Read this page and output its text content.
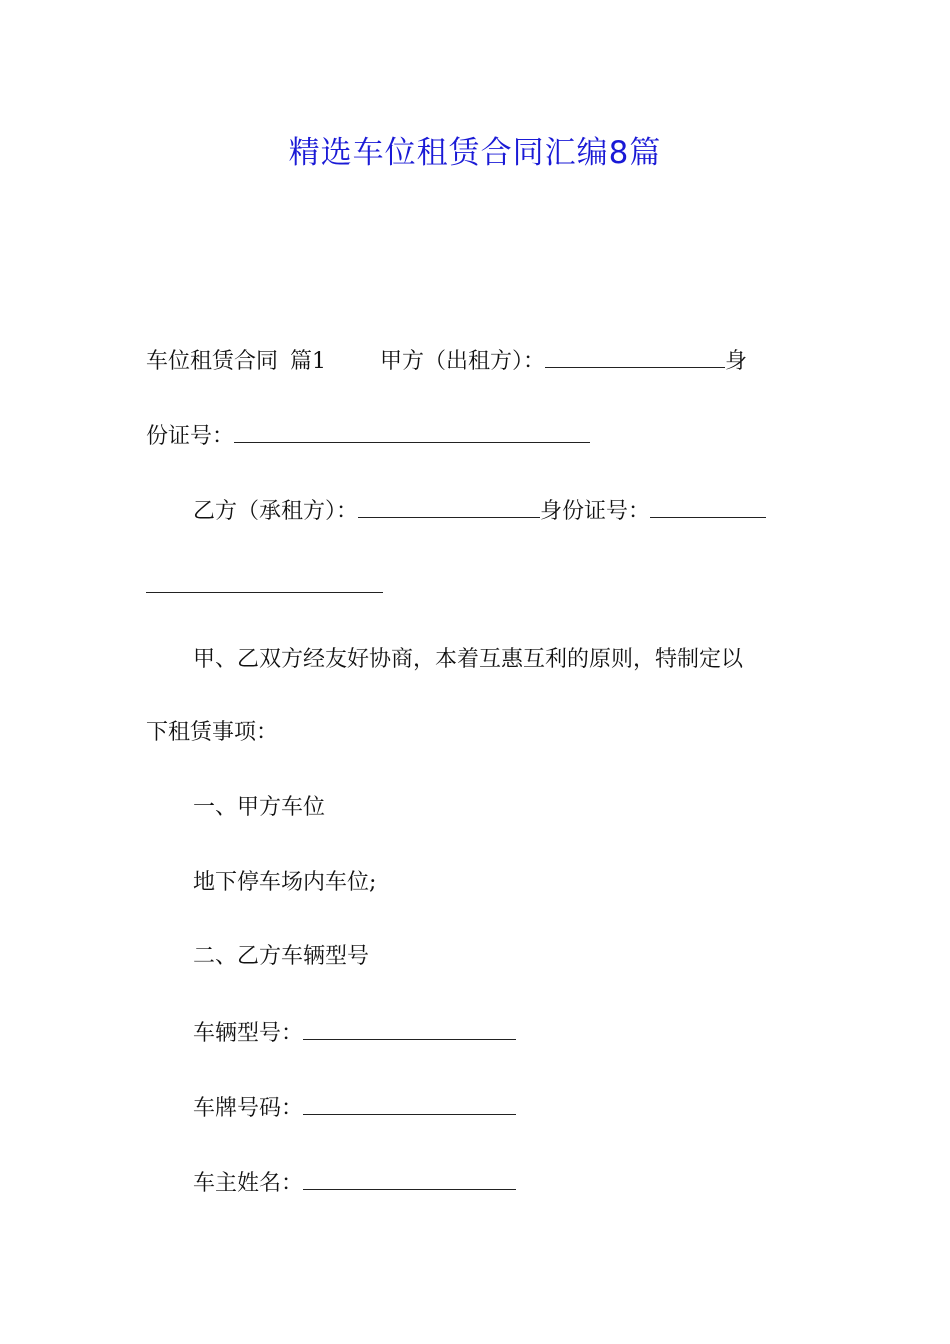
精选车位租赁合同汇编8篇
车位租赁合同 篇1 甲方（出租方）：	身
份证号：
乙方（承租方）：	身份证号：
甲、乙双方经友好协商，本着互惠互利的原则，特制定以
下租赁事项：
一、甲方车位
地下停车场内车位;
二、乙方车辆型号
车辆型号：
车牌号码：
车主姓名：
